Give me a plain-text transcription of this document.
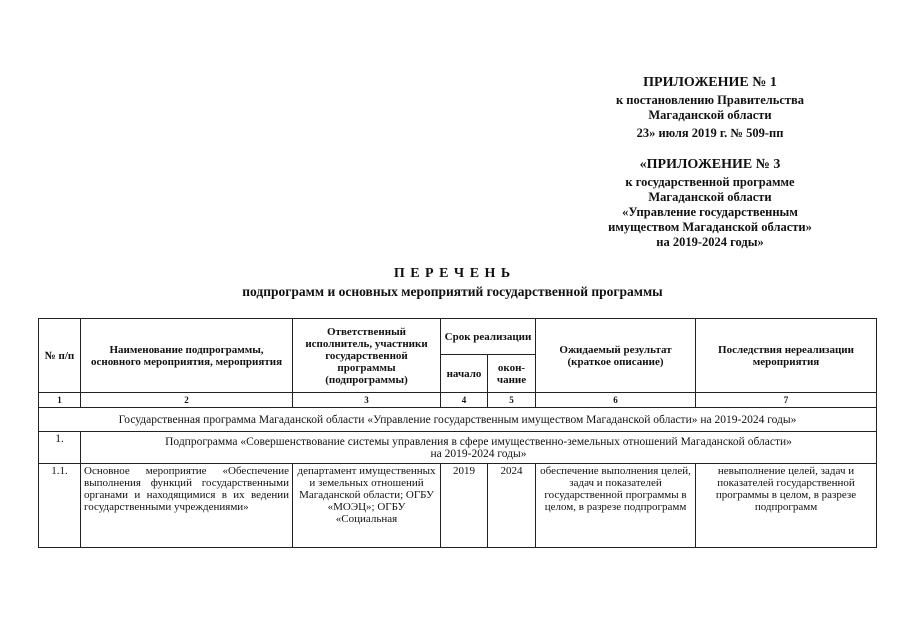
ПРИЛОЖЕНИЕ № 1
к постановлению Правительства
Магаданской области
23» июля 2019 г. № 509-пп
«ПРИЛОЖЕНИЕ № 3
к государственной программе
Магаданской области
«Управление государственным
имуществом Магаданской области»
на 2019-2024 годы»
П Е Р Е Ч Е Н Ь
подпрограмм и основных мероприятий государственной программы
№ п/п	Наименование подпрограммы, основного мероприятия, мероприятия	Ответственный исполнитель, участники государственной программы (подпрограммы)	Срок реализации		Ожидаемый результат (краткое описание)	Последствия нереализации мероприятия
			начало	окон-чание		
1	2	3	4	5	6	7
Государственная программа Магаданской области «Управление государственным имуществом Магаданской области» на 2019-2024 годы»						
1.	Подпрограмма «Совершенствование системы управления в сфере имущественно-земельных отношений Магаданской области»
на 2019-2024 годы»					

1.1.	Основное мероприятие «Обеспечение выполнения функций государственными органами и находящимися в их ведении государственными учреждениями»	департамент имущественных и земельных отношений Магаданской области; ОГБУ «МОЭЦ»; ОГБУ «Социальная	2019	2024	обеспечение выполнения целей, задач и показателей государственной программы в целом, в разрезе подпрограмм	невыполнение целей, задач и показателей государственной программы в целом, в разрезе подпрограмм
